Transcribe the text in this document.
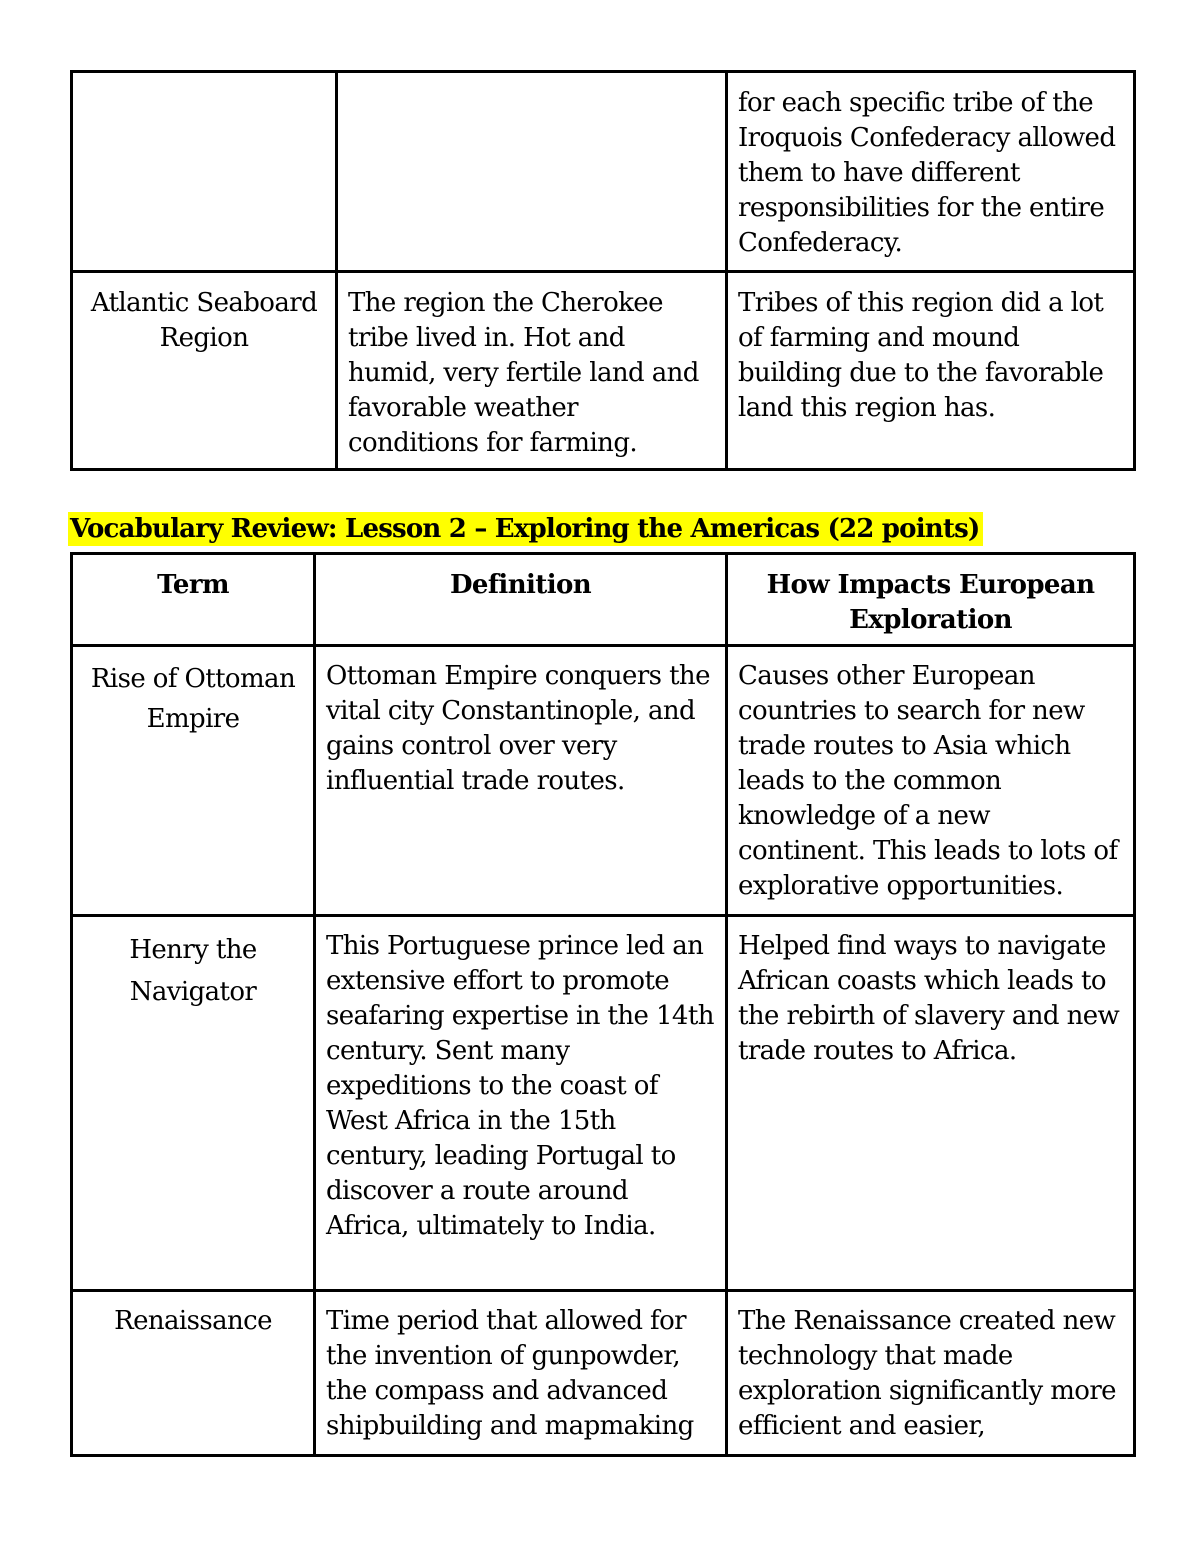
		for each specific tribe of the Iroquois Confederacy allowed them to have different responsibilities for the entire Confederacy.
Atlantic Seaboard Region	The region the Cherokee tribe lived in. Hot and humid, very fertile land and favorable weather conditions for farming.	Tribes of this region did a lot of farming and mound building due to the favorable land this region has.
Vocabulary Review: Lesson 2 – Exploring the Americas (22 points)
Term	Definition	How Impacts European Exploration
Rise of Ottoman Empire	Ottoman Empire conquers the vital city Constantinople, and gains control over very influential trade routes.	Causes other European countries to search for new trade routes to Asia which leads to the common knowledge of a new continent. This leads to lots of explorative opportunities.
Henry the Navigator	This Portuguese prince led an extensive effort to promote seafaring expertise in the 14th century. Sent many expeditions to the coast of West Africa in the 15th century, leading Portugal to discover a route around Africa, ultimately to India.	Helped find ways to navigate African coasts which leads to the rebirth of slavery and new trade routes to Africa.
Renaissance	Time period that allowed for the invention of gunpowder, the compass and advanced shipbuilding and mapmaking	The Renaissance created new technology that made exploration significantly more efficient and easier,
